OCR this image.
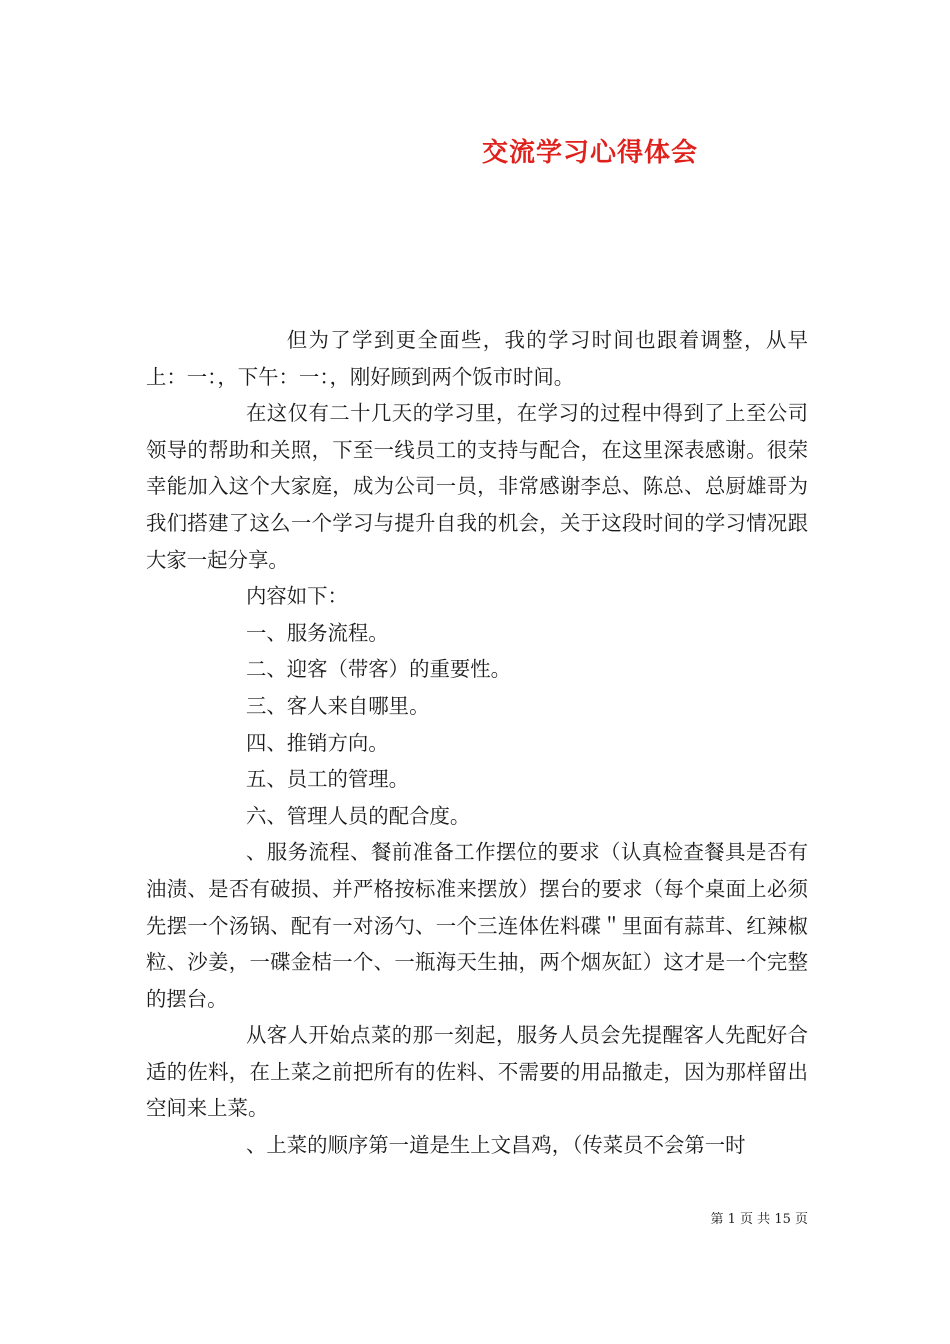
交流学习心得体会

但为了学到更全面些，我的学习时间也跟着调整，从早上：一：，下午：一：，刚好顾到两个饭市时间。

在这仅有二十几天的学习里，在学习的过程中得到了上至公司领导的帮助和关照，下至一线员工的支持与配合，在这里深表感谢。很荣幸能加入这个大家庭，成为公司一员，非常感谢李总、陈总、总厨雄哥为我们搭建了这么一个学习与提升自我的机会，关于这段时间的学习情况跟大家一起分享。

内容如下：

一、服务流程。

二、迎客（带客）的重要性。

三、客人来自哪里。

四、推销方向。

五、员工的管理。

六、管理人员的配合度。

、服务流程、餐前准备工作摆位的要求（认真检查餐具是否有油渍、是否有破损、并严格按标准来摆放）摆台的要求（每个桌面上必须先摆一个汤锅、配有一对汤勺、一个三连体佐料碟＂里面有蒜茸、红辣椒粒、沙姜，一碟金桔一个、一瓶海天生抽，两个烟灰缸）这才是一个完整的摆台。

从客人开始点菜的那一刻起，服务人员会先提醒客人先配好合适的佐料，在上菜之前把所有的佐料、不需要的用品撤走，因为那样留出空间来上菜。

、上菜的顺序第一道是生上文昌鸡，（传菜员不会第一时

第 1 页 共 15 页
